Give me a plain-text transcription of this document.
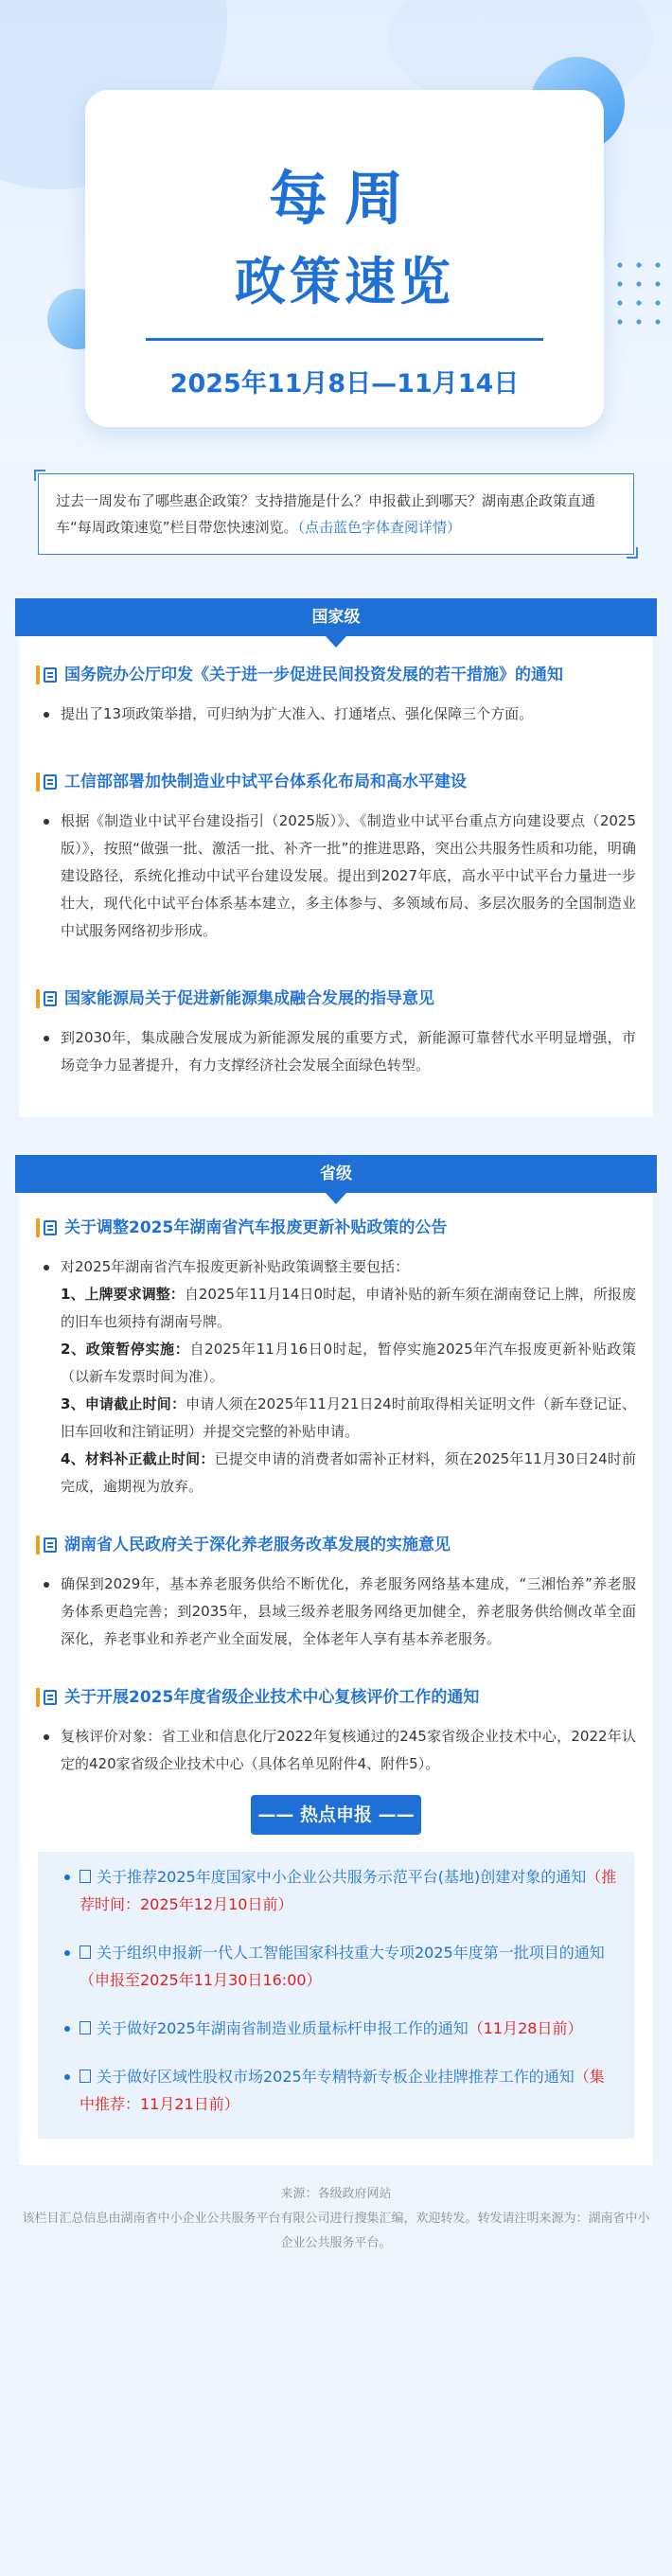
每周
政策速览
2025年11月8日—11月14日
过去一周发布了哪些惠企政策？支持措施是什么？申报截止到哪天？湖南惠企政策直通车“每周政策速览”栏目带您快速浏览。（点击蓝色字体查阅详情）
国家级
国务院办公厅印发《关于进一步促进民间投资发展的若干措施》的通知
提出了13项政策举措，可归纳为扩大准入、打通堵点、强化保障三个方面。
工信部部署加快制造业中试平台体系化布局和高水平建设
根据《制造业中试平台建设指引（2025版）》、《制造业中试平台重点方向建设要点（2025版）》，按照“做强一批、激活一批、补齐一批”的推进思路，突出公共服务性质和功能，明确建设路径，系统化推动中试平台建设发展。提出到2027年底，高水平中试平台力量进一步壮大，现代化中试平台体系基本建立，多主体参与、多领域布局、多层次服务的全国制造业中试服务网络初步形成。
国家能源局关于促进新能源集成融合发展的指导意见
到2030年，集成融合发展成为新能源发展的重要方式，新能源可靠替代水平明显增强，市场竞争力显著提升，有力支撑经济社会发展全面绿色转型。
省级
关于调整2025年湖南省汽车报废更新补贴政策的公告
对2025年湖南省汽车报废更新补贴政策调整主要包括：
1、上牌要求调整：自2025年11月14日0时起，申请补贴的新车须在湖南登记上牌，所报废的旧车也须持有湖南号牌。
2、政策暂停实施：自2025年11月16日0时起，暂停实施2025年汽车报废更新补贴政策（以新车发票时间为准）。
3、申请截止时间：申请人须在2025年11月21日24时前取得相关证明文件（新车登记证、旧车回收和注销证明）并提交完整的补贴申请。
4、材料补正截止时间：已提交申请的消费者如需补正材料，须在2025年11月30日24时前完成，逾期视为放弃。
湖南省人民政府关于深化养老服务改革发展的实施意见
确保到2029年，基本养老服务供给不断优化，养老服务网络基本建成，“三湘怡养”养老服务体系更趋完善；到2035年，县域三级养老服务网络更加健全，养老服务供给侧改革全面深化，养老事业和养老产业全面发展，全体老年人享有基本养老服务。
关于开展2025年度省级企业技术中心复核评价工作的通知
复核评价对象：省工业和信息化厅2022年复核通过的245家省级企业技术中心，2022年认定的420家省级企业技术中心（具体名单见附件4、附件5）。
—— 热点申报 ——
关于推荐2025年度国家中小企业公共服务示范平台(基地)创建对象的通知（推荐时间：2025年12月10日前）
关于组织申报新一代人工智能国家科技重大专项2025年度第一批项目的通知（申报至2025年11月30日16:00）
关于做好2025年湖南省制造业质量标杆申报工作的通知（11月28日前）
关于做好区域性股权市场2025年专精特新专板企业挂牌推荐工作的通知（集中推荐：11月21日前）
来源：各级政府网站
该栏目汇总信息由湖南省中小企业公共服务平台有限公司进行搜集汇编，欢迎转发。转发请注明来源为：湖南省中小企业公共服务平台。
